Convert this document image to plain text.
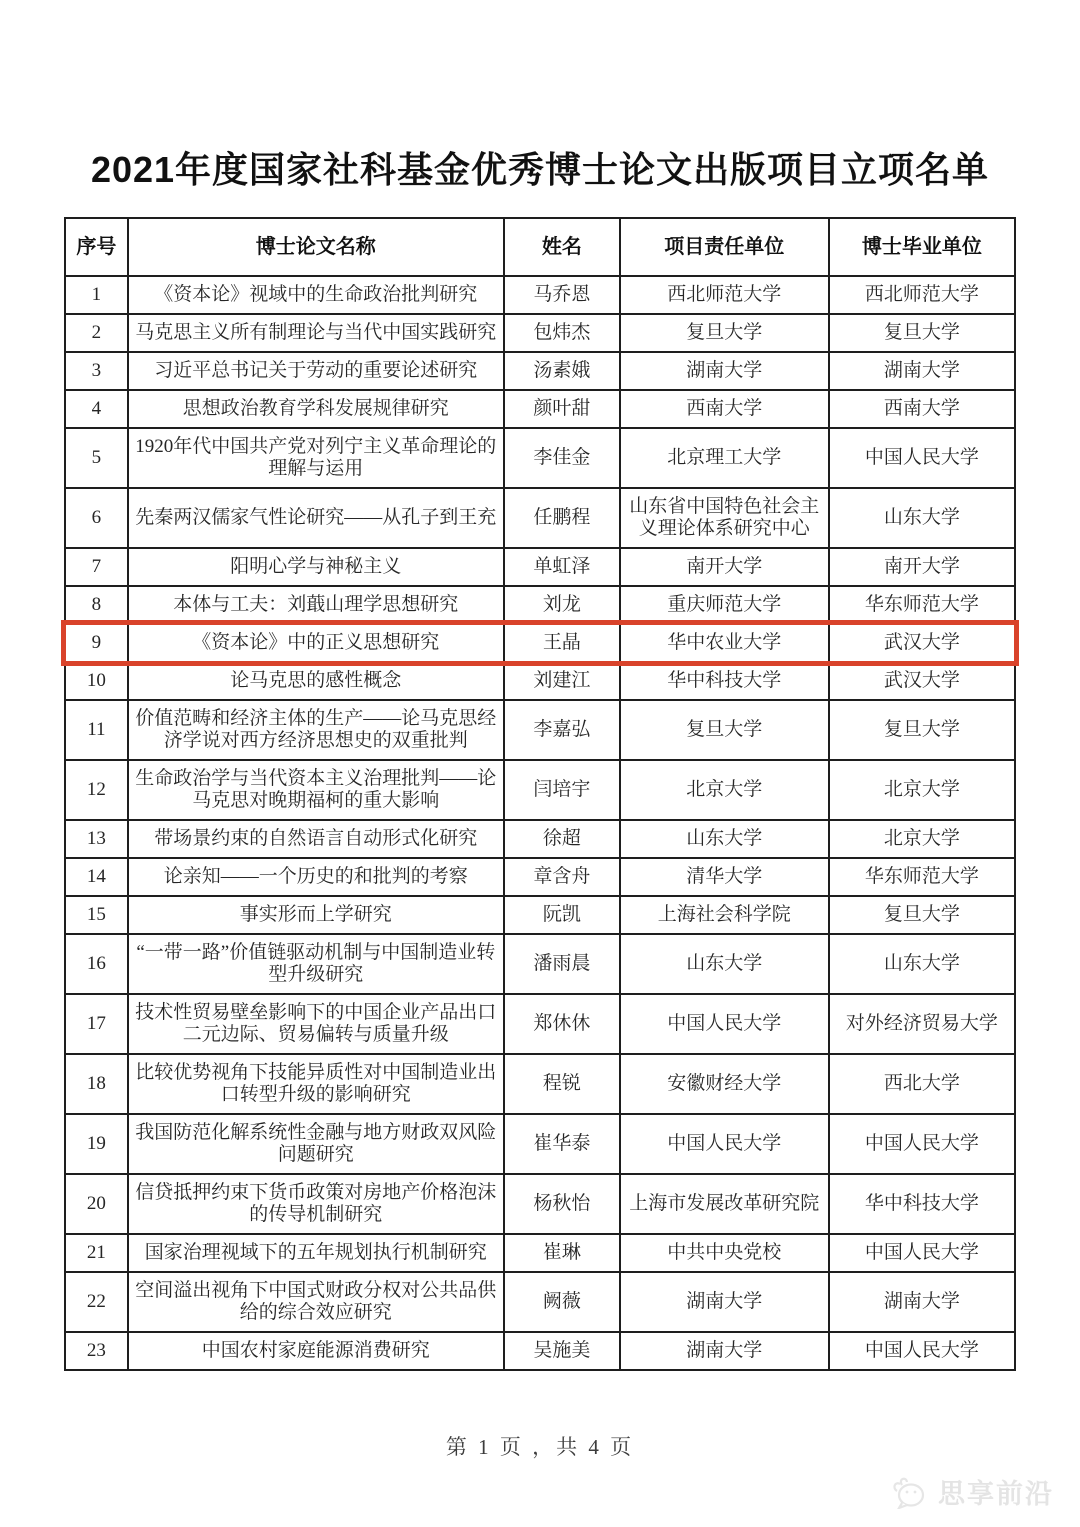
2021年度国家社科基金优秀博士论文出版项目立项名单
序号	博士论文名称	姓名	项目责任单位	博士毕业单位
1	《资本论》视域中的生命政治批判研究	马乔恩	西北师范大学	西北师范大学
2	马克思主义所有制理论与当代中国实践研究	包炜杰	复旦大学	复旦大学
3	习近平总书记关于劳动的重要论述研究	汤素娥	湖南大学	湖南大学
4	思想政治教育学科发展规律研究	颜叶甜	西南大学	西南大学
5	1920年代中国共产党对列宁主义革命理论的理解与运用	李佳金	北京理工大学	中国人民大学
6	先秦两汉儒家气性论研究——从孔子到王充	任鹏程	山东省中国特色社会主义理论体系研究中心	山东大学
7	阳明心学与神秘主义	单虹泽	南开大学	南开大学
8	本体与工夫：刘蕺山理学思想研究	刘龙	重庆师范大学	华东师范大学
9	《资本论》中的正义思想研究	王晶	华中农业大学	武汉大学
10	论马克思的感性概念	刘建江	华中科技大学	武汉大学
11	价值范畴和经济主体的生产——论马克思经济学说对西方经济思想史的双重批判	李嘉弘	复旦大学	复旦大学
12	生命政治学与当代资本主义治理批判——论马克思对晚期福柯的重大影响	闫培宇	北京大学	北京大学
13	带场景约束的自然语言自动形式化研究	徐超	山东大学	北京大学
14	论亲知——一个历史的和批判的考察	章含舟	清华大学	华东师范大学
15	事实形而上学研究	阮凯	上海社会科学院	复旦大学
16	“一带一路”价值链驱动机制与中国制造业转型升级研究	潘雨晨	山东大学	山东大学
17	技术性贸易壁垒影响下的中国企业产品出口二元边际、贸易偏转与质量升级	郑休休	中国人民大学	对外经济贸易大学
18	比较优势视角下技能异质性对中国制造业出口转型升级的影响研究	程锐	安徽财经大学	西北大学
19	我国防范化解系统性金融与地方财政双风险问题研究	崔华泰	中国人民大学	中国人民大学
20	信贷抵押约束下货币政策对房地产价格泡沫的传导机制研究	杨秋怡	上海市发展改革研究院	华中科技大学
21	国家治理视域下的五年规划执行机制研究	崔琳	中共中央党校	中国人民大学
22	空间溢出视角下中国式财政分权对公共品供给的综合效应研究	阙薇	湖南大学	湖南大学
23	中国农村家庭能源消费研究	吴施美	湖南大学	中国人民大学
第 1 页 ，共 4 页
思享前沿
